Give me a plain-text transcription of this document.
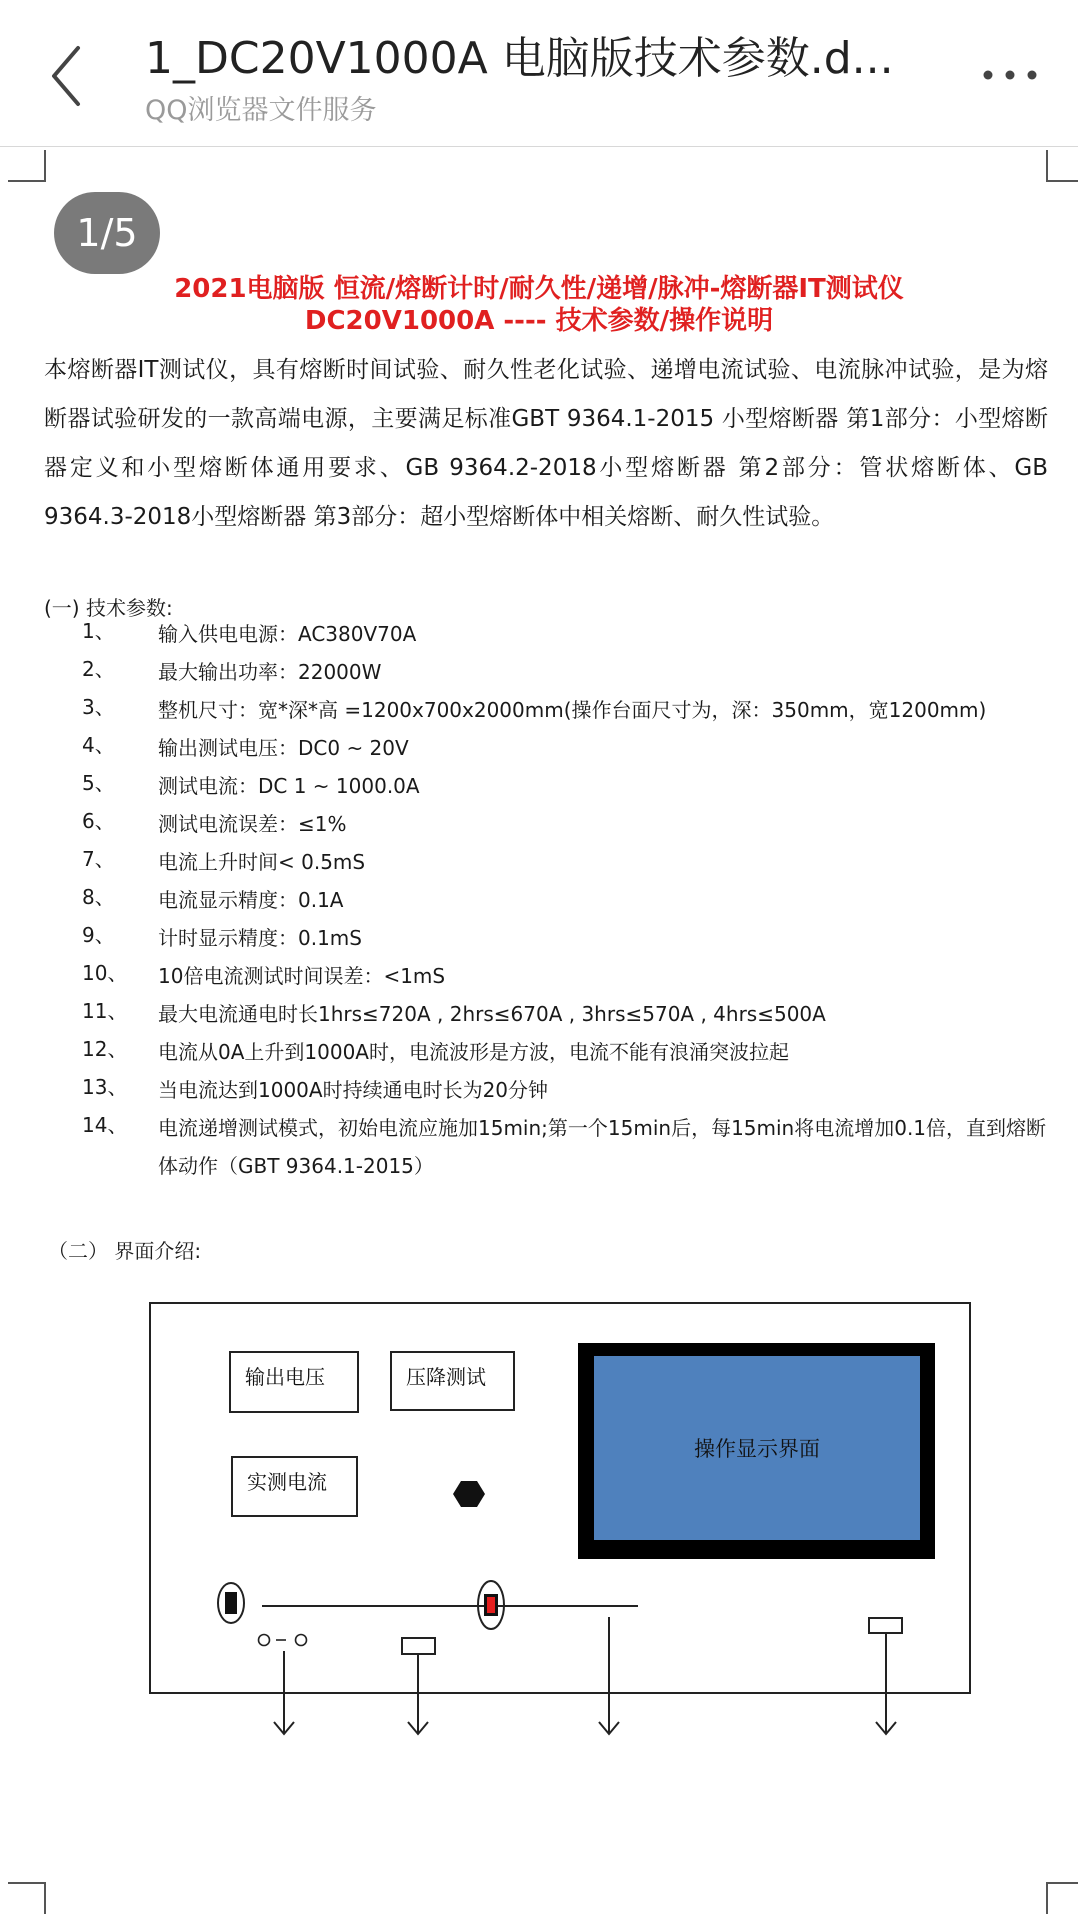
1_DC20V1000A 电脑版技术参数.d...
QQ浏览器文件服务
1/5
2021电脑版 恒流/熔断计时/耐久性/递增/脉冲-熔断器IT测试仪
DC20V1000A ---- 技术参数/操作说明
本熔断器IT测试仪，具有熔断时间试验、耐久性老化试验、递增电流试验、电流脉冲试验，是为熔断器试验研发的一款高端电源，主要满足标准GBT 9364.1-2015 小型熔断器 第1部分：小型熔断器定义和小型熔断体通用要求、GB 9364.2-2018小型熔断器 第2部分：管状熔断体、GB 9364.3-2018小型熔断器 第3部分：超小型熔断体中相关熔断、耐久性试验。
(一) 技术参数:
1、 输入供电电源：AC380V70A
2、 最大输出功率：22000W
3、 整机尺寸：宽*深*高 =1200x700x2000mm(操作台面尺寸为，深：350mm，宽1200mm)
4、 输出测试电压：DC0 ~ 20V
5、 测试电流：DC 1 ~ 1000.0A
6、 测试电流误差：≤1%
7、 电流上升时间< 0.5mS
8、 电流显示精度：0.1A
9、 计时显示精度：0.1mS
10、 10倍电流测试时间误差：<1mS
11、 最大电流通电时长1hrs≤720A , 2hrs≤670A , 3hrs≤570A , 4hrs≤500A
12、 电流从0A上升到1000A时，电流波形是方波，电流不能有浪涌突波拉起
13、 当电流达到1000A时持续通电时长为20分钟
14、 电流递增测试模式，初始电流应施加15min;第一个15min后，每15min将电流增加0.1倍，直到熔断体动作（GBT 9364.1-2015）
（二） 界面介绍:
输出电压	压降测试
实测电流
操作显示界面
